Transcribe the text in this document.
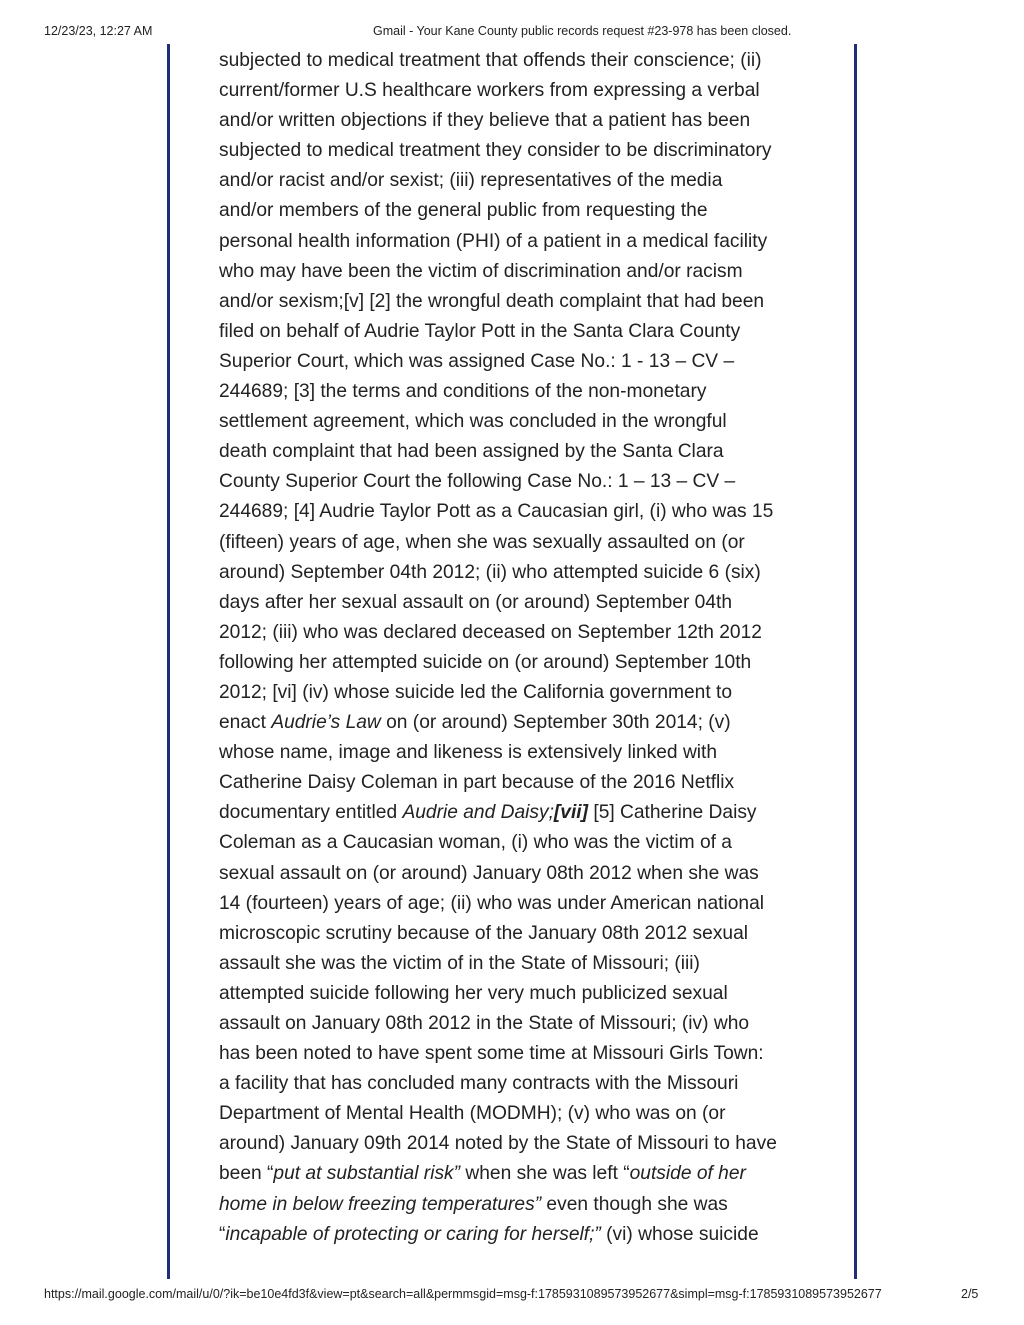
12/23/23, 12:27 AM	Gmail - Your Kane County public records request #23-978 has been closed.
subjected to medical treatment that offends their conscience; (ii)
current/former U.S healthcare workers from expressing a verbal
and/or written objections if they believe that a patient has been
subjected to medical treatment they consider to be discriminatory
and/or racist and/or sexist; (iii) representatives of the media
and/or members of the general public from requesting the
personal health information (PHI) of a patient in a medical facility
who may have been the victim of discrimination and/or racism
and/or sexism;[v] [2] the wrongful death complaint that had been
filed on behalf of Audrie Taylor Pott in the Santa Clara County
Superior Court, which was assigned Case No.: 1 - 13 – CV –
244689; [3] the terms and conditions of the non-monetary
settlement agreement, which was concluded in the wrongful
death complaint that had been assigned by the Santa Clara
County Superior Court the following Case No.: 1 – 13 – CV –
244689; [4] Audrie Taylor Pott as a Caucasian girl, (i) who was 15
(fifteen) years of age, when she was sexually assaulted on (or
around) September 04th 2012; (ii) who attempted suicide 6 (six)
days after her sexual assault on (or around) September 04th
2012; (iii) who was declared deceased on September 12th 2012
following her attempted suicide on (or around) September 10th
2012; [vi] (iv) whose suicide led the California government to
enact Audrie’s Law on (or around) September 30th 2014; (v)
whose name, image and likeness is extensively linked with
Catherine Daisy Coleman in part because of the 2016 Netflix
documentary entitled Audrie and Daisy;[vii] [5] Catherine Daisy
Coleman as a Caucasian woman, (i) who was the victim of a
sexual assault on (or around) January 08th 2012 when she was
14 (fourteen) years of age; (ii) who was under American national
microscopic scrutiny because of the January 08th 2012 sexual
assault she was the victim of in the State of Missouri; (iii)
attempted suicide following her very much publicized sexual
assault on January 08th 2012 in the State of Missouri; (iv) who
has been noted to have spent some time at Missouri Girls Town:
a facility that has concluded many contracts with the Missouri
Department of Mental Health (MODMH); (v) who was on (or
around) January 09th 2014 noted by the State of Missouri to have
been “put at substantial risk” when she was left “outside of her
home in below freezing temperatures” even though she was
“incapable of protecting or caring for herself;” (vi) whose suicide
https://mail.google.com/mail/u/0/?ik=be10e4fd3f&view=pt&search=all&permmsgid=msg-f:1785931089573952677&simpl=msg-f:1785931089573952677	2/5
